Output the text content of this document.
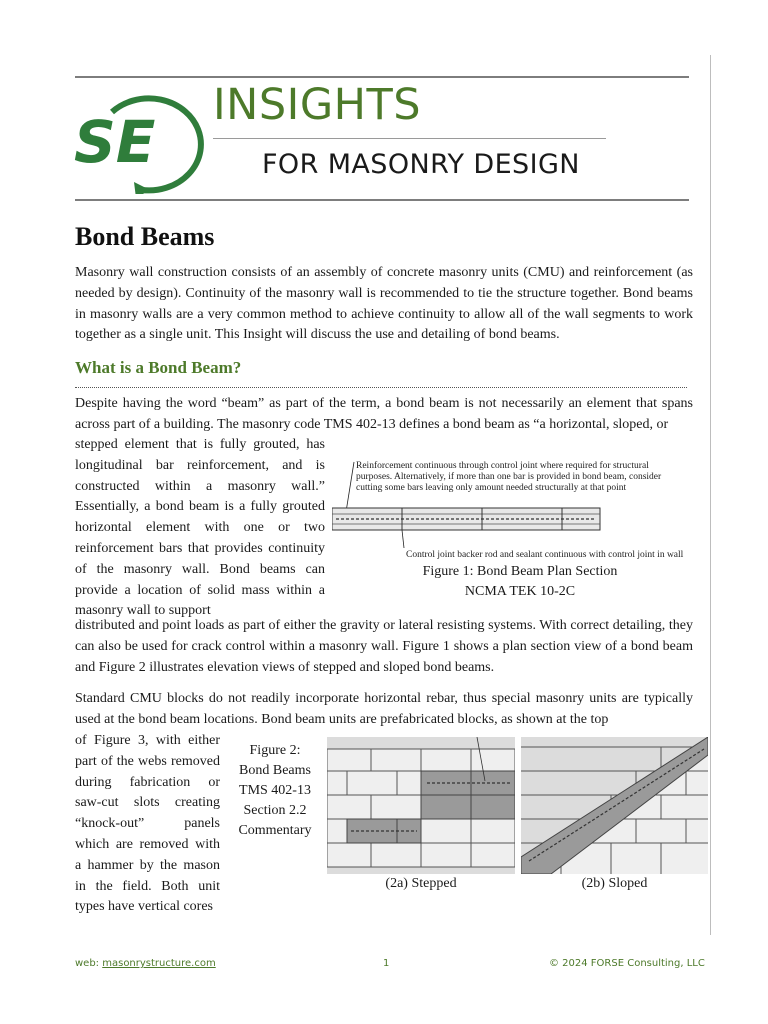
SE
INSIGHTS
FOR MASONRY DESIGN
Bond Beams

Masonry wall construction consists of an assembly of concrete masonry units (CMU) and reinforcement (as needed by design). Continuity of the masonry wall is recommended to tie the structure together. Bond beams in masonry walls are a very common method to achieve continuity to allow all of the wall segments to work together as a single unit. This Insight will discuss the use and detailing of bond beams.

What is a Bond Beam?

Despite having the word “beam” as part of the term, a bond beam is not necessarily an element that spans across part of a building. The masonry code TMS 402-13 defines a bond beam as “a horizontal, sloped, or

stepped element that is fully grouted, has longitudinal bar reinforcement, and is constructed within a masonry wall.” Essentially, a bond beam is a fully grouted horizontal element with one or two reinforcement bars that provides continuity of the masonry wall. Bond beams can provide a location of solid mass within a masonry wall to support

distributed and point loads as part of either the gravity or lateral resisting systems. With correct detailing, they can also be used for crack control within a masonry wall. Figure 1 shows a plan section view of a bond beam and Figure 2 illustrates elevation views of stepped and sloped bond beams.

Reinforcement continuous through control joint where required for structural
purposes. Alternatively, if more than one bar is provided in bond beam, consider
cutting some bars leaving only amount needed structurally at that point
Control joint backer rod and sealant continuous with control joint in wall
Figure 1: Bond Beam Plan Section
NCMA TEK 10-2C

Standard CMU blocks do not readily incorporate horizontal rebar, thus special masonry units are typically used at the bond beam locations. Bond beam units are prefabricated blocks, as shown at the top

of Figure 3, with either part of the webs removed during fabrication or saw-cut slots creating “knock-out” panels which are removed with a hammer by the mason in the field. Both unit types have vertical cores

Figure 2:
Bond Beams
TMS 402-13
Section 2.2
Commentary
(2a) Stepped	(2b) Sloped
web: masonrystructure.com	1	© 2024 FORSE Consulting, LLC
